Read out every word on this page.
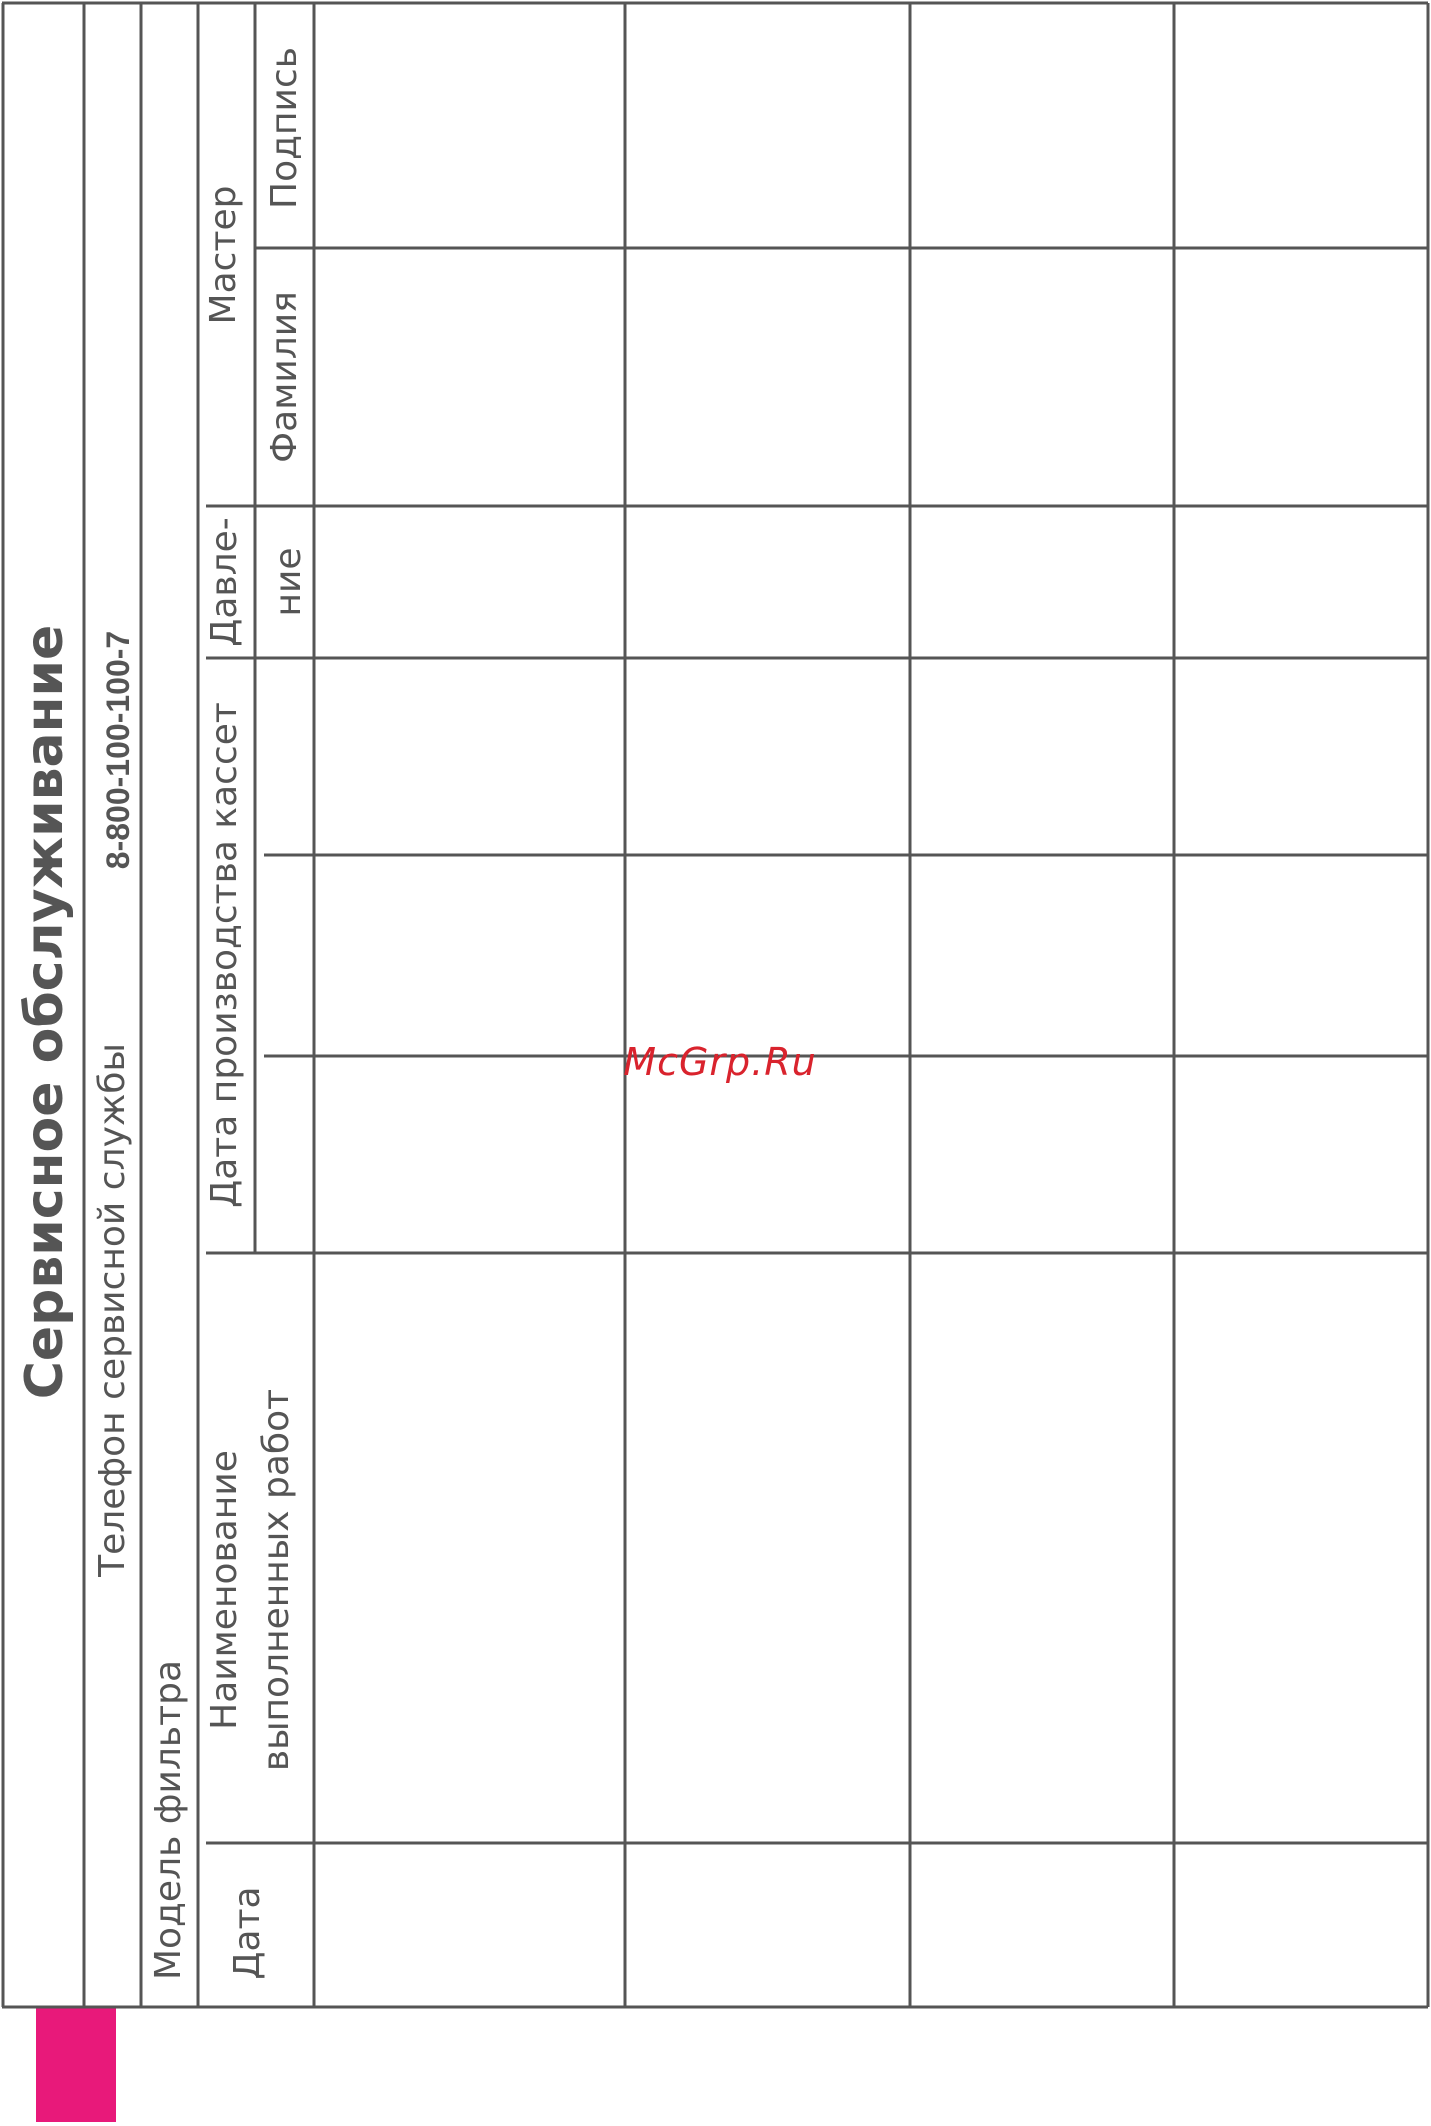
Сервисное обслуживание Телефон сервисной службы
8-800-100-100-7
Модель фильтра Дата
Наименование выполненных работ
Дата производства кассет
Давле- ние
Мастер
Фамилия
Подпись
McGrp.Ru
